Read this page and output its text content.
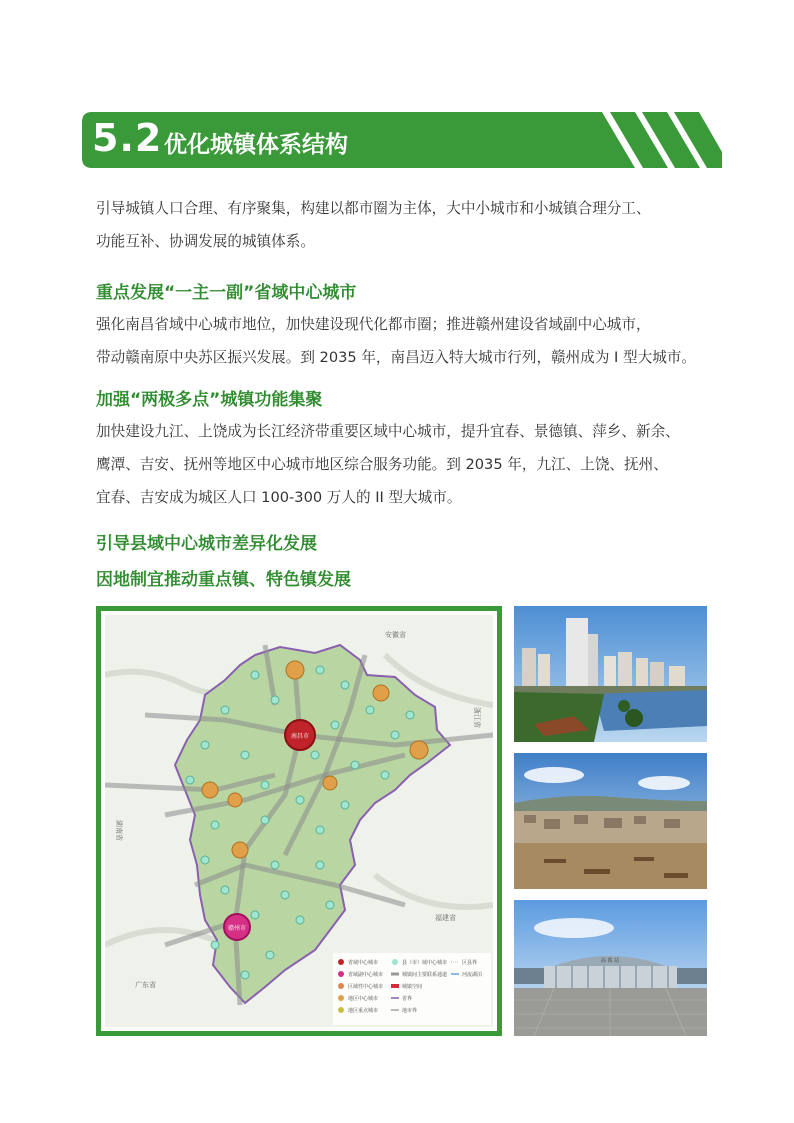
5.2 优化城镇体系结构

引导城镇人口合理、有序聚集，构建以都市圈为主体，大中小城市和小城镇合理分工、
功能互补、协调发展的城镇体系。

重点发展“一主一副”省域中心城市

强化南昌省域中心城市地位，加快建设现代化都市圈；推进赣州建设省域副中心城市，
带动赣南原中央苏区振兴发展。到 2035 年，南昌迈入特大城市行列，赣州成为 I 型大城市。

加强“两极多点”城镇功能集聚

加快建设九江、上饶成为长江经济带重要区域中心城市，提升宜春、景德镇、萍乡、新余、
鹰潭、吉安、抚州等地区中心城市地区综合服务功能。到 2035 年，九江、上饶、抚州、
宜春、吉安成为城区人口 100-300 万人的 II 型大城市。

引导县域中心城市差异化发展
因地制宜推动重点镇、特色镇发展
南昌市
赣州市
安徽省
浙江省
湖南省
福建省
广东省
省域中心城市
省域副中心城市
区域性中心城市
地区中心城市
地区重点城市
县（市）域中心城市
城镇间主要联系通道
城镇空间
省界
地市界
区县界
河流湖泊
高 铁 站
